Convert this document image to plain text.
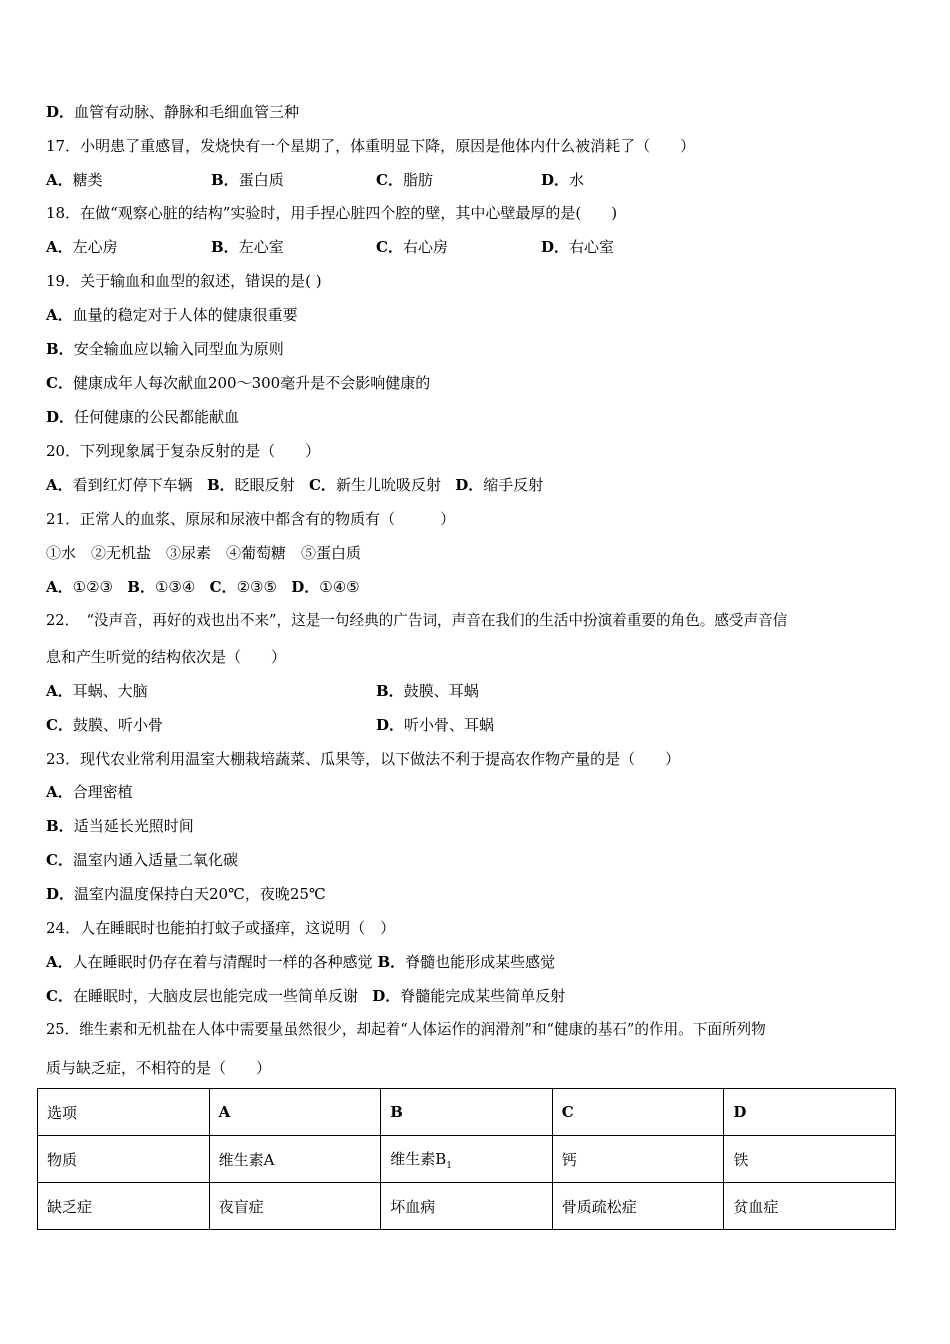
D．血管有动脉、静脉和毛细血管三种
17．小明患了重感冒，发烧快有一个星期了，体重明显下降，原因是他体内什么被消耗了（　　）
A．糖类	B．蛋白质	C．脂肪	D．水
18．在做“观察心脏的结构”实验时，用手捏心脏四个腔的壁，其中心壁最厚的是(　　)
A．左心房	B．左心室	C．右心房	D．右心室
19．关于输血和血型的叙述，错误的是( )
A．血量的稳定对于人体的健康很重要
B．安全输血应以输入同型血为原则
C．健康成年人每次献血200～300毫升是不会影响健康的
D．任何健康的公民都能献血
20．下列现象属于复杂反射的是（　　）
A．看到红灯停下车辆 B．眨眼反射 C．新生儿吮吸反射 D．缩手反射
21．正常人的血浆、原尿和尿液中都含有的物质有（　　　）
①水　②无机盐　③尿素　④葡萄糖　⑤蛋白质
A．①②③ B．①③④ C．②③⑤ D．①④⑤
22．　“没声音，再好的戏也出不来”，这是一句经典的广告词，声音在我们的生活中扮演着重要的角色。感受声音信
息和产生听觉的结构依次是（　　）
A．耳蜗、大脑	B．鼓膜、耳蜗
C．鼓膜、听小骨	D．听小骨、耳蜗
23．现代农业常利用温室大棚栽培蔬菜、瓜果等，以下做法不利于提高农作物产量的是（　　）
A．合理密植
B．适当延长光照时间
C．温室内通入适量二氧化碳
D．温室内温度保持白天20℃，夜晚25℃
24．人在睡眠时也能拍打蚊子或搔痒，这说明（　）
A．人在睡眠时仍存在着与清醒时一样的各种感觉 B．脊髓也能形成某些感觉
C．在睡眠时，大脑皮层也能完成一些简单反谢 D．脊髓能完成某些简单反射
25．维生素和无机盐在人体中需要量虽然很少，却起着“人体运作的润滑剂”和“健康的基石”的作用。下面所列物
质与缺乏症，不相符的是（　　）
选项	A	B	C	D
物质	维生素A	维生素$B_1$	钙	铁
缺乏症	夜盲症	坏血病	骨质疏松症	贫血症
